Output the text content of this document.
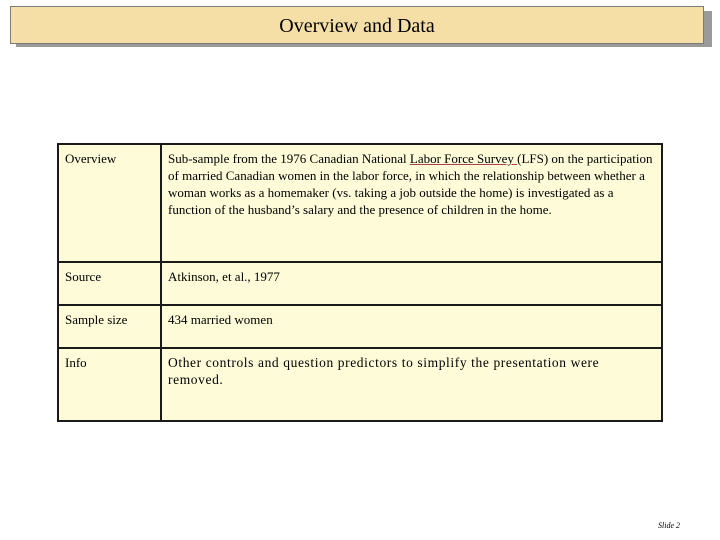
Overview and Data
Overview	Sub-sample from the 1976 Canadian National Labor Force Survey (LFS) on the participation of married Canadian women in the labor force, in which the relationship between whether a woman works as a homemaker (vs. taking a job outside the home) is investigated as a function of the husband’s salary and the presence of children in the home.
Source	Atkinson, et al., 1977
Sample size	434 married women
Info	Other controls and question predictors to simplify the presentation were removed.
Slide 2
